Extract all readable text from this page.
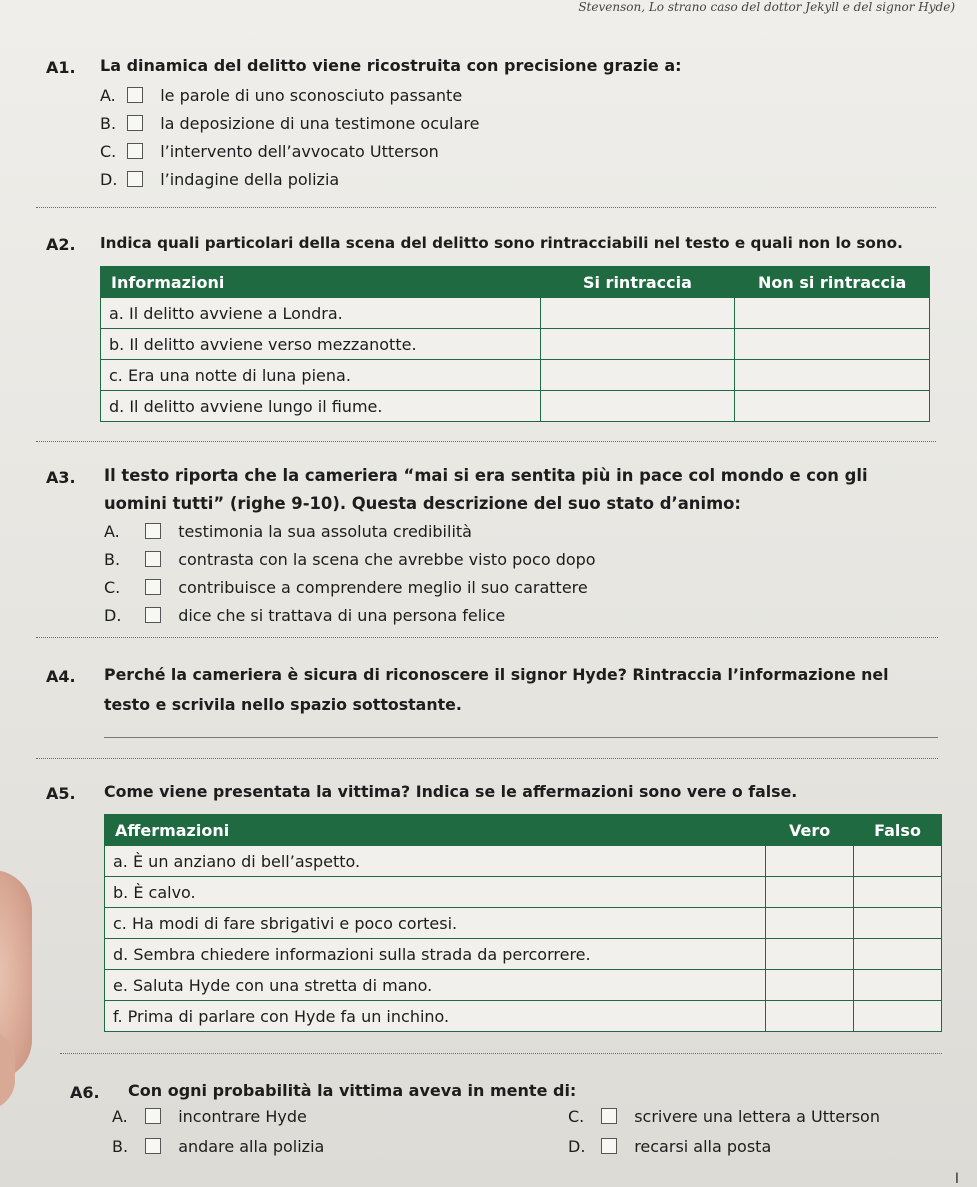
Stevenson, Lo strano caso del dottor Jekyll e del signor Hyde)
A1. La dinamica del delitto viene ricostruita con precisione grazie a:
A.	le parole di uno sconosciuto passante
B.	la deposizione di una testimone oculare
C.	l’intervento dell’avvocato Utterson
D.	l’indagine della polizia
A2. Indica quali particolari della scena del delitto sono rintracciabili nel testo e quali non lo sono.
Informazioni	Si rintraccia	Non si rintraccia
a. Il delitto avviene a Londra.		
b. Il delitto avviene verso mezzanotte.		
c. Era una notte di luna piena.		
d. Il delitto avviene lungo il fiume.		
A3. Il testo riporta che la cameriera “mai si era sentita più in pace col mondo e con gli
uomini tutti” (righe 9-10). Questa descrizione del suo stato d’animo:
A.	testimonia la sua assoluta credibilità
B.	contrasta con la scena che avrebbe visto poco dopo
C.	contribuisce a comprendere meglio il suo carattere
D.	dice che si trattava di una persona felice
A4. Perché la cameriera è sicura di riconoscere il signor Hyde? Rintraccia l’informazione nel
testo e scrivila nello spazio sottostante.
A5. Come viene presentata la vittima? Indica se le affermazioni sono vere o false.
Affermazioni	Vero	Falso
a. È un anziano di bell’aspetto.		
b. È calvo.		
c. Ha modi di fare sbrigativi e poco cortesi.		
d. Sembra chiedere informazioni sulla strada da percorrere.		
e. Saluta Hyde con una stretta di mano.		
f. Prima di parlare con Hyde fa un inchino.		
A6. Con ogni probabilità la vittima aveva in mente di:
A.	incontrare Hyde
B.	andare alla polizia
C.	scrivere una lettera a Utterson
D.	recarsi alla posta
I
